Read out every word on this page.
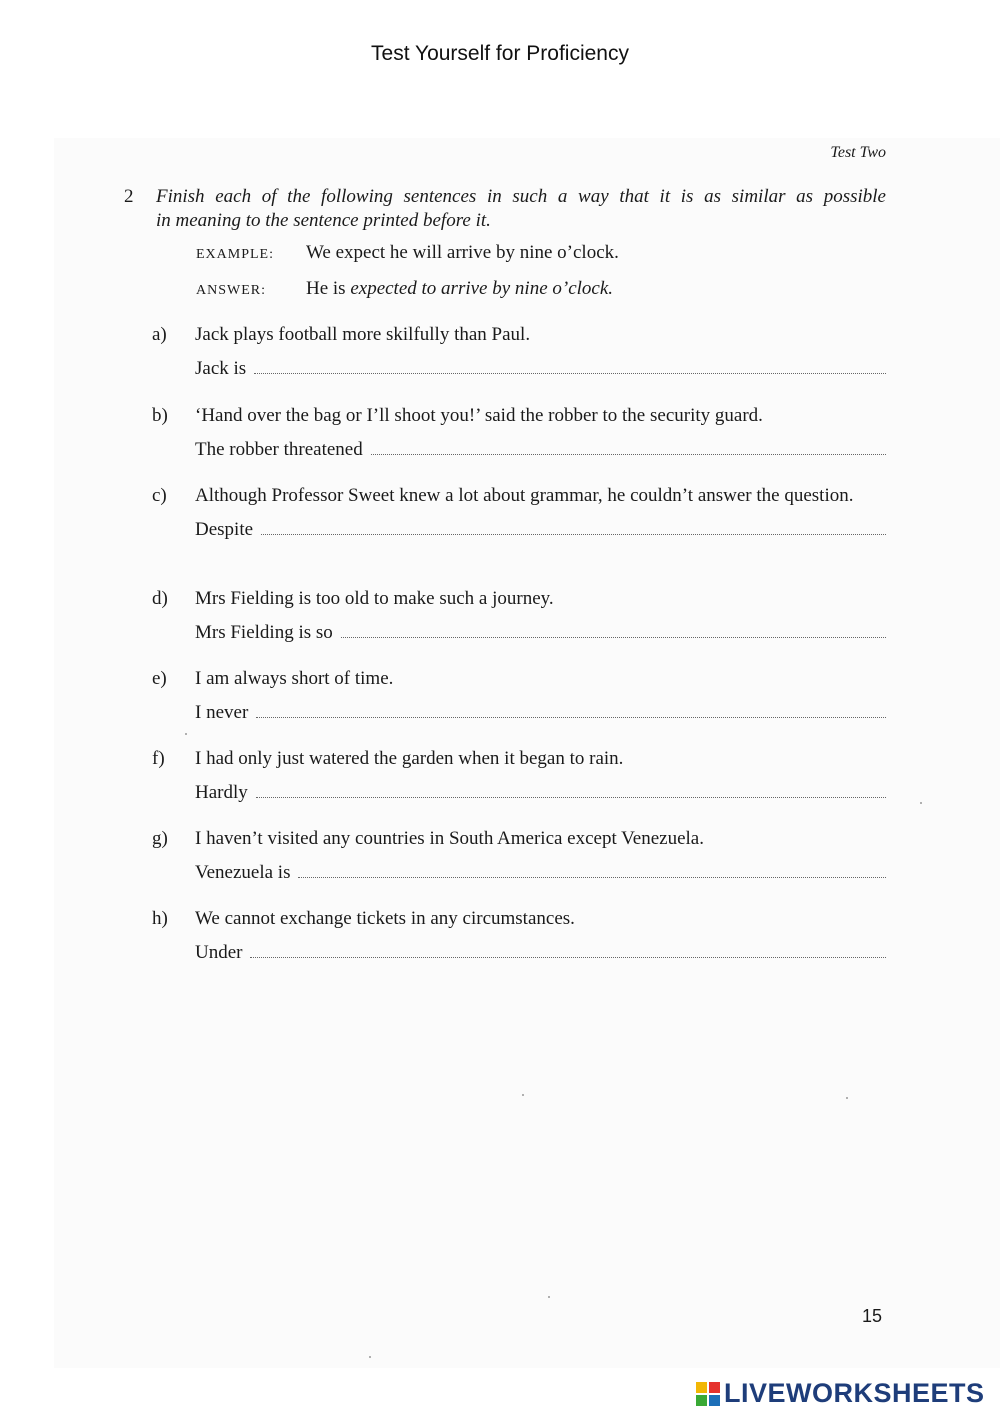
Test Yourself for Proficiency
Test Two
2 Finish each of the following sentences in such a way that it is as similar as possible
in meaning to the sentence printed before it.
EXAMPLE:	We expect he will arrive by nine o’clock.
ANSWER:	He is
expected to arrive by nine o’clock.
a)	Jack plays football more skilfully than Paul.
Jack is
b)	‘Hand over the bag or I’ll shoot you!’ said the robber to the security guard.
The robber threatened
c)	Although Professor Sweet knew a lot about grammar, he couldn’t answer the question.
Despite
d)	Mrs Fielding is too old to make such a journey.
Mrs Fielding is so
e)	I am always short of time.
I never
f)	I had only just watered the garden when it began to rain.
Hardly
g)	I haven’t visited any countries in South America except Venezuela.
Venezuela is
h)	We cannot exchange tickets in any circumstances.
Under
15
LIVEWORKSHEETS
